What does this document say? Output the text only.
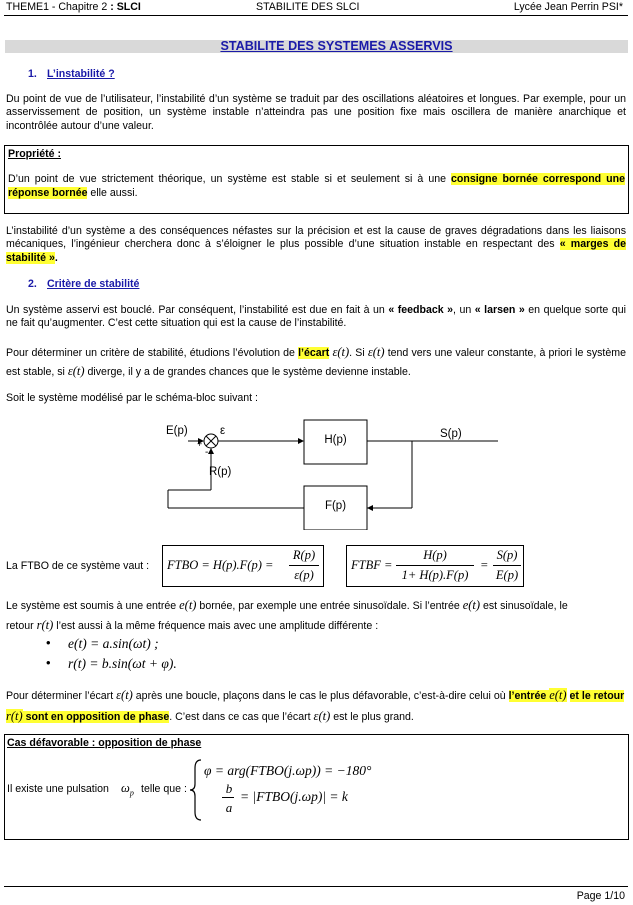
THEME1 - Chapitre 2 : SLCI	STABILITE DES SLCI	Lycée Jean Perrin PSI*
STABILITE DES SYSTEMES ASSERVIS
1. L’instabilité ?
Du point de vue de l’utilisateur, l’instabilité d’un système se traduit par des oscillations aléatoires et longues. Par exemple, pour un asservissement de position, un système instable n’atteindra pas une position fixe mais oscillera de manière anarchique et incontrôlée autour d’une valeur.
Propriété :
D’un point de vue strictement théorique, un système est stable si et seulement si à une consigne bornée correspond une réponse bornée elle aussi.
L’instabilité d’un système a des conséquences néfastes sur la précision et est la cause de graves dégradations dans les liaisons mécaniques, l’ingénieur cherchera donc à s’éloigner le plus possible d’une situation instable en respectant des « marges de stabilité ».
2. Critère de stabilité
Un système asservi est bouclé. Par conséquent, l’instabilité est due en fait à un « feedback », un « larsen » en quelque sorte qui ne fait qu’augmenter. C’est cette situation qui est la cause de l’instabilité.
Pour déterminer un critère de stabilité, étudions l’évolution de l’écart ε(t). Si ε(t) tend vers une valeur constante, à priori le système est stable, si ε(t) diverge, il y a de grandes chances que le système devienne instable.
Soit le système modélisé par le schéma-bloc suivant :
E(p)	ε	S(p)
R(p)
+
-
H(p)
F(p)
La FTBO de ce système vaut : FTBO = H(p).F(p) =
R(p)
ε(p)
FTBF =
H(p)
1+ H(p).F(p)
=
S(p)
E(p)
Le système est soumis à une entrée e(t) bornée, par exemple une entrée sinusoïdale. Si l’entrée e(t) est sinusoïdale, le
retour r(t) l’est aussi à la même fréquence mais avec une amplitude différente :
• e(t) = a.sin(ωt) ;
• r(t) = b.sin(ωt + φ).
Pour déterminer l’écart ε(t) après une boucle, plaçons dans le cas le plus défavorable, c’est-à-dire celui où l’entrée e(t) et le retour r(t) sont en opposition de phase. C’est dans ce cas que l’écart ε(t) est le plus grand.
Cas défavorable : opposition de phase
Il existe une pulsation $\omega_p$ telle que :
φ = arg(FTBO(j.ωp)) = −180°
b
a
= |FTBO(j.ωp)| = k
Page 1/10
